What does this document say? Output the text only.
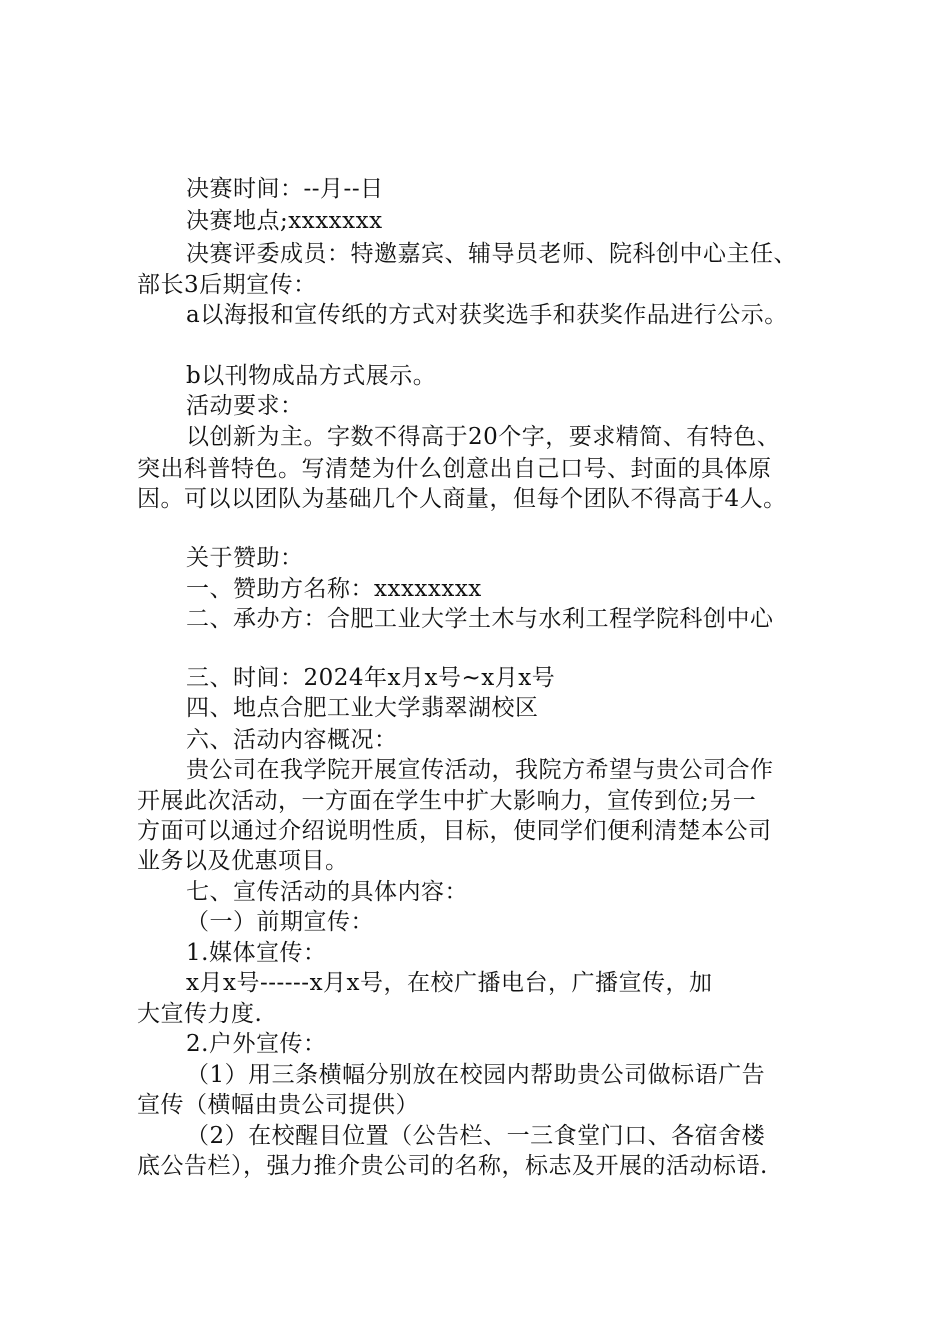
决赛时间：--月--日
决赛地点;xxxxxxx
决赛评委成员：特邀嘉宾、辅导员老师、院科创中心主任、
部长3后期宣传：
a以海报和宣传纸的方式对获奖选手和获奖作品进行公示。
b以刊物成品方式展示。
活动要求：
以创新为主。字数不得高于20个字，要求精简、有特色、
突出科普特色。写清楚为什么创意出自己口号、封面的具体原
因。可以以团队为基础几个人商量，但每个团队不得高于4人。
关于赞助：
一、赞助方名称：xxxxxxxx
二、承办方：合肥工业大学土木与水利工程学院科创中心
三、时间：2024年x月x号~x月x号
四、地点合肥工业大学翡翠湖校区
六、活动内容概况：
贵公司在我学院开展宣传活动，我院方希望与贵公司合作
开展此次活动，一方面在学生中扩大影响力，宣传到位;另一
方面可以通过介绍说明性质，目标，使同学们便利清楚本公司
业务以及优惠项目。
七、宣传活动的具体内容：
（一）前期宣传：
1.媒体宣传：
x月x号------x月x号，在校广播电台，广播宣传，加
大宣传力度.
2.户外宣传：
（1）用三条横幅分别放在校园内帮助贵公司做标语广告
宣传（横幅由贵公司提供）
（2）在校醒目位置（公告栏、一三食堂门口、各宿舍楼
底公告栏），强力推介贵公司的名称，标志及开展的活动标语.
